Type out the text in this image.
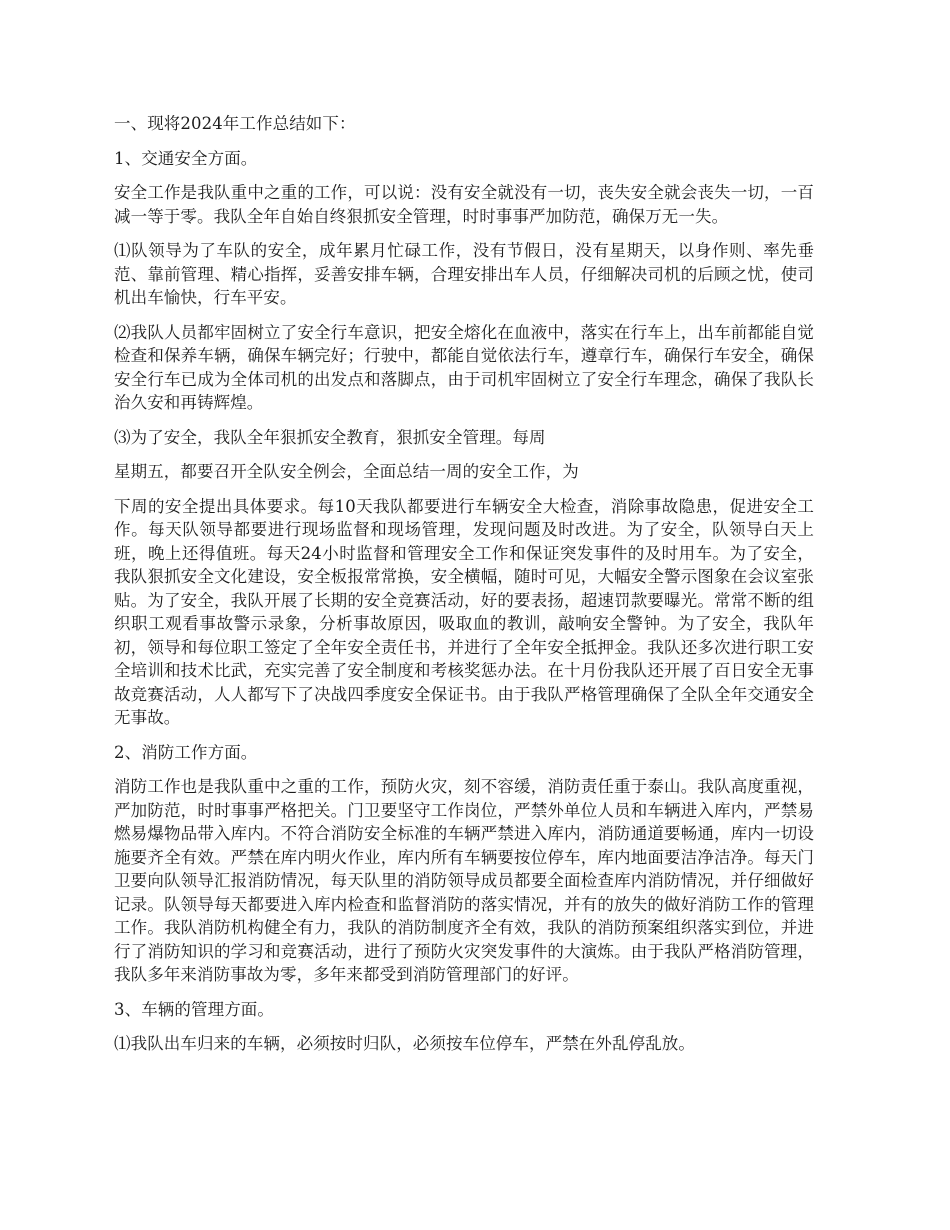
一、现将2024年工作总结如下：

1、交通安全方面。

安全工作是我队重中之重的工作，可以说：没有安全就没有一切，丧失安全就会丧失一切，一百减一等于零。我队全年自始自终狠抓安全管理，时时事事严加防范，确保万无一失。

⑴队领导为了车队的安全，成年累月忙碌工作，没有节假日，没有星期天，以身作则、率先垂范、靠前管理、精心指挥，妥善安排车辆，合理安排出车人员，仔细解决司机的后顾之忧，使司机出车愉快，行车平安。

⑵我队人员都牢固树立了安全行车意识，把安全熔化在血液中，落实在行车上，出车前都能自觉检查和保养车辆，确保车辆完好；行驶中，都能自觉依法行车，遵章行车，确保行车安全，确保安全行车已成为全体司机的出发点和落脚点，由于司机牢固树立了安全行车理念，确保了我队长治久安和再铸辉煌。

⑶为了安全，我队全年狠抓安全教育，狠抓安全管理。每周

星期五，都要召开全队安全例会，全面总结一周的安全工作，为

下周的安全提出具体要求。每10天我队都要进行车辆安全大检查，消除事故隐患，促进安全工作。每天队领导都要进行现场监督和现场管理，发现问题及时改进。为了安全，队领导白天上班，晚上还得值班。每天24小时监督和管理安全工作和保证突发事件的及时用车。为了安全，我队狠抓安全文化建设，安全板报常常换，安全横幅，随时可见，大幅安全警示图象在会议室张贴。为了安全，我队开展了长期的安全竞赛活动，好的要表扬，超速罚款要曝光。常常不断的组织职工观看事故警示录象，分析事故原因，吸取血的教训，敲响安全警钟。为了安全，我队年初，领导和每位职工签定了全年安全责任书，并进行了全年安全抵押金。我队还多次进行职工安全培训和技术比武，充实完善了安全制度和考核奖惩办法。在十月份我队还开展了百日安全无事故竞赛活动，人人都写下了决战四季度安全保证书。由于我队严格管理确保了全队全年交通安全无事故。

2、消防工作方面。

消防工作也是我队重中之重的工作，预防火灾，刻不容缓，消防责任重于泰山。我队高度重视，严加防范，时时事事严格把关。门卫要坚守工作岗位，严禁外单位人员和车辆进入库内，严禁易燃易爆物品带入库内。不符合消防安全标准的车辆严禁进入库内，消防通道要畅通，库内一切设施要齐全有效。严禁在库内明火作业，库内所有车辆要按位停车，库内地面要洁净洁净。每天门卫要向队领导汇报消防情况，每天队里的消防领导成员都要全面检查库内消防情况，并仔细做好记录。队领导每天都要进入库内检查和监督消防的落实情况，并有的放失的做好消防工作的管理工作。我队消防机构健全有力，我队的消防制度齐全有效，我队的消防预案组织落实到位，并进行了消防知识的学习和竞赛活动，进行了预防火灾突发事件的大演炼。由于我队严格消防管理，我队多年来消防事故为零，多年来都受到消防管理部门的好评。

3、车辆的管理方面。

⑴我队出车归来的车辆，必须按时归队，必须按车位停车，严禁在外乱停乱放。
